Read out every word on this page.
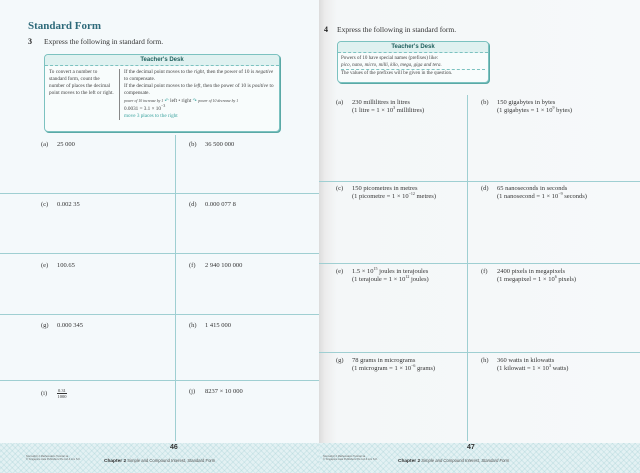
Standard Form
3 Express the following in standard form.
Teacher's Desk
To convert a number to standard form, count the number of places the decimal point moves to the left or right.
If the decimal point moves to the right, then the power of 10 is negative to compensate.
If the decimal point moves to the left, then the power of 10 is positive to compensate.
power of 10 increase by 1 ↶ left • right ↷ power of 10 decrease by 1
$0.0031 = 3.1 \times 10^{-3}$
move 3 places to the right
(a) 25 000	(b) 36 500 000
(c) 0.002 35	(d) 0.000 077 8
(e) 100.65	(f) 2 940 100 000
(g) 0.000 345	(h) 1 415 000
$(i) \frac{0.31}{1000}$	(j) 8237 × 10 000
46
Normal(A) 2 Mathematics Tutorial 1a
© Singapore Asia Publishers Pte Ltd & Lim S.K.	Chapter 2 Simple and Compound Interest, Standard Form
4 Express the following in standard form.
Teacher's Desk
Powers of 10 have special names (prefixes) like:
pico, nano, micro, milli, kilo, mega, giga and tera.
The values of the prefixes will be given in the question.
(a) 230 millilitres in litres
(1 litre = $1 \times 10^3$ millilitres)
(b) 150 gigabytes in bytes
(1 gigabytes = $1 \times 10^9$ bytes)
(c) 150 picometres in metres
(1 picometre = $1 \times 10^{-12}$ metres)
(d) 65 nanoseconds in seconds
(1 nanosecond = $1 \times 10^{-9}$ seconds)
(e) $1.5 \times 10^{15}$ joules in terajoules
(1 terajoule = $1 \times 10^{12}$ joules)
(f) 2400 pixels in megapixels
(1 megapixel = $1 \times 10^6$ pixels)
(g) 78 grams in micrograms
(1 microgram = $1 \times 10^{-6}$ grams)
(h) 360 watts in kilowatts
(1 kilowatt = $1 \times 10^3$ watts)
47
Normal(A) 2 Mathematics Tutorial 1a
© Singapore Asia Publishers Pte Ltd & Lim S.K.	Chapter 2 Simple and Compound Interest, Standard Form
